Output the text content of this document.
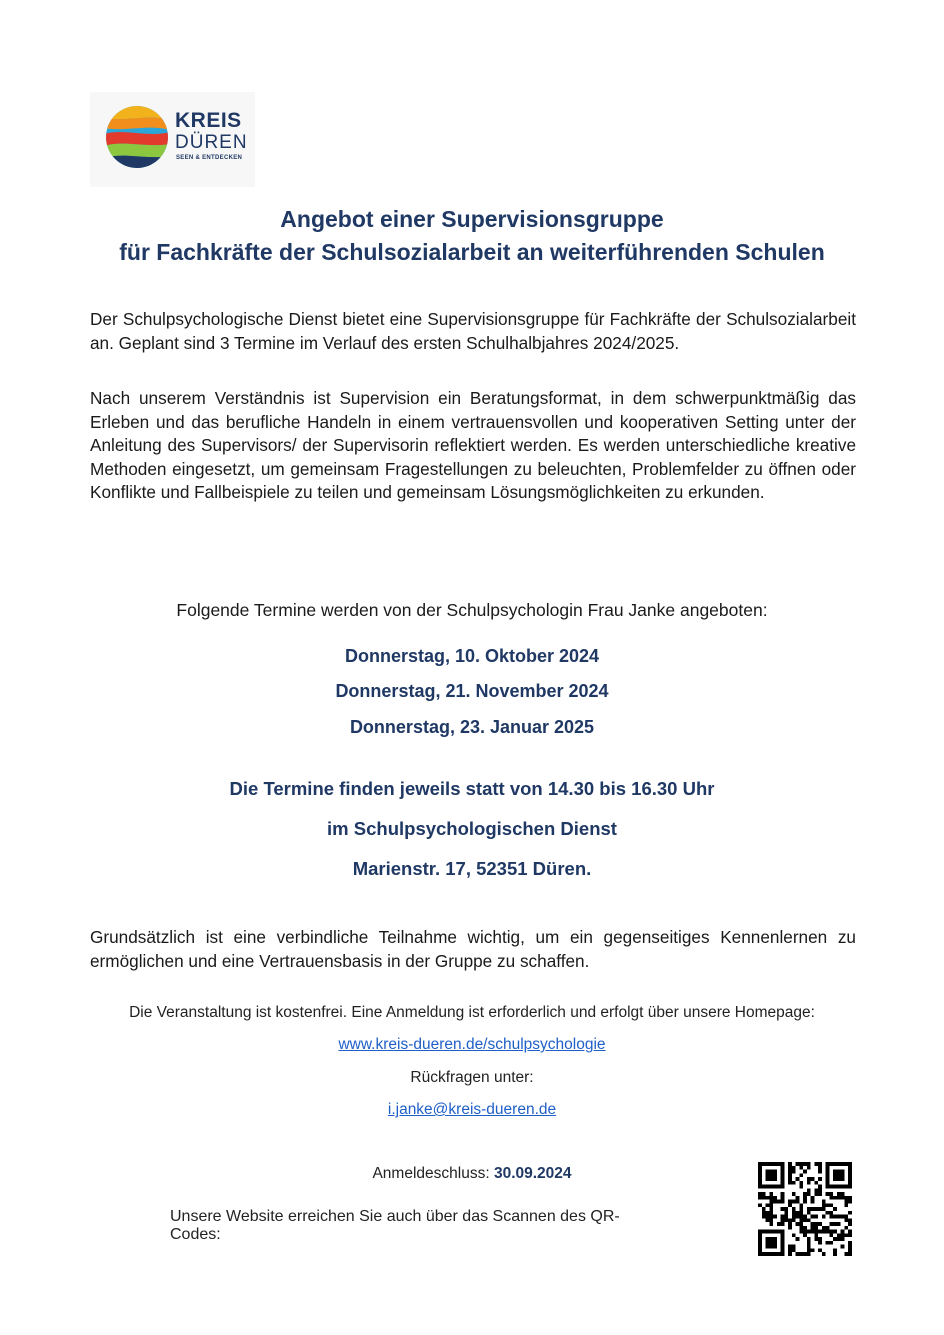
KREIS
DÜREN
SEEN & ENTDECKEN
Angebot einer Supervisionsgruppe
für Fachkräfte der Schulsozialarbeit an weiterführenden Schulen
Der Schulpsychologische Dienst bietet eine Supervisionsgruppe für Fachkräfte der Schulsozialarbeit an. Geplant sind 3 Termine im Verlauf des ersten Schulhalbjahres 2024/2025.
Nach unserem Verständnis ist Supervision ein Beratungsformat, in dem schwerpunktmäßig das Erleben und das berufliche Handeln in einem vertrauensvollen und kooperativen Setting unter der Anleitung des Supervisors/ der Supervisorin reflektiert werden. Es werden unterschiedliche kreative Methoden eingesetzt, um gemeinsam Fragestellungen zu beleuchten, Problemfelder zu öffnen oder Konflikte und Fallbeispiele zu teilen und gemeinsam Lösungsmöglichkeiten zu erkunden.
Folgende Termine werden von der Schulpsychologin Frau Janke angeboten:
Donnerstag, 10. Oktober 2024
Donnerstag, 21. November 2024
Donnerstag, 23. Januar 2025
Die Termine finden jeweils statt von 14.30 bis 16.30 Uhr
im Schulpsychologischen Dienst
Marienstr. 17, 52351 Düren.
Grundsätzlich ist eine verbindliche Teilnahme wichtig, um ein gegenseitiges Kennenlernen zu ermöglichen und eine Vertrauensbasis in der Gruppe zu schaffen.
Die Veranstaltung ist kostenfrei. Eine Anmeldung ist erforderlich und erfolgt über unsere Homepage:
www.kreis-dueren.de/schulpsychologie
Rückfragen unter:
i.janke@kreis-dueren.de
Anmeldeschluss: 30.09.2024
Unsere Website erreichen Sie auch über das Scannen des QR-Codes:
